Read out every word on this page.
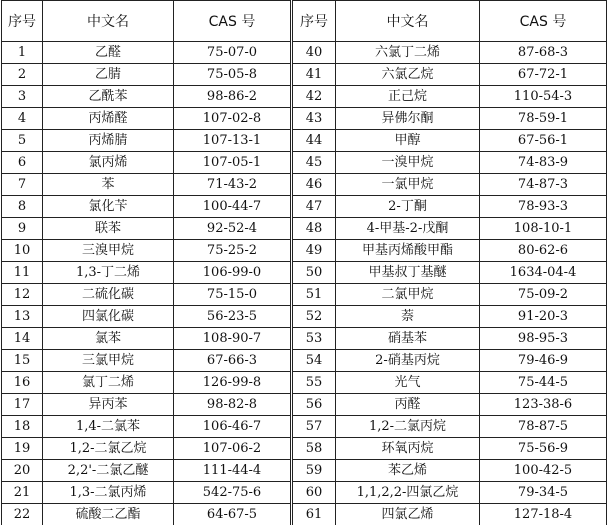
序号	中文名	CAS 号	序号	中文名	CAS 号
1	乙醛	75-07-0	40	六氯丁二烯	87-68-3
2	乙腈	75-05-8	41	六氯乙烷	67-72-1
3	乙酰苯	98-86-2	42	正己烷	110-54-3
4	丙烯醛	107-02-8	43	异佛尔酮	78-59-1
5	丙烯腈	107-13-1	44	甲醇	67-56-1
6	氯丙烯	107-05-1	45	一溴甲烷	74-83-9
7	苯	71-43-2	46	一氯甲烷	74-87-3
8	氯化苄	100-44-7	47	2-丁酮	78-93-3
9	联苯	92-52-4	48	4-甲基-2-戊酮	108-10-1
10	三溴甲烷	75-25-2	49	甲基丙烯酸甲酯	80-62-6
11	1,3-丁二烯	106-99-0	50	甲基叔丁基醚	1634-04-4
12	二硫化碳	75-15-0	51	二氯甲烷	75-09-2
13	四氯化碳	56-23-5	52	萘	91-20-3
14	氯苯	108-90-7	53	硝基苯	98-95-3
15	三氯甲烷	67-66-3	54	2-硝基丙烷	79-46-9
16	氯丁二烯	126-99-8	55	光气	75-44-5
17	异丙苯	98-82-8	56	丙醛	123-38-6
18	1,4-二氯苯	106-46-7	57	1,2-二氯丙烷	78-87-5
19	1,2-二氯乙烷	107-06-2	58	环氧丙烷	75-56-9
20	2,2'-二氯乙醚	111-44-4	59	苯乙烯	100-42-5
21	1,3-二氯丙烯	542-75-6	60	1,1,2,2-四氯乙烷	79-34-5
22	硫酸二乙酯	64-67-5	61	四氯乙烯	127-18-4
